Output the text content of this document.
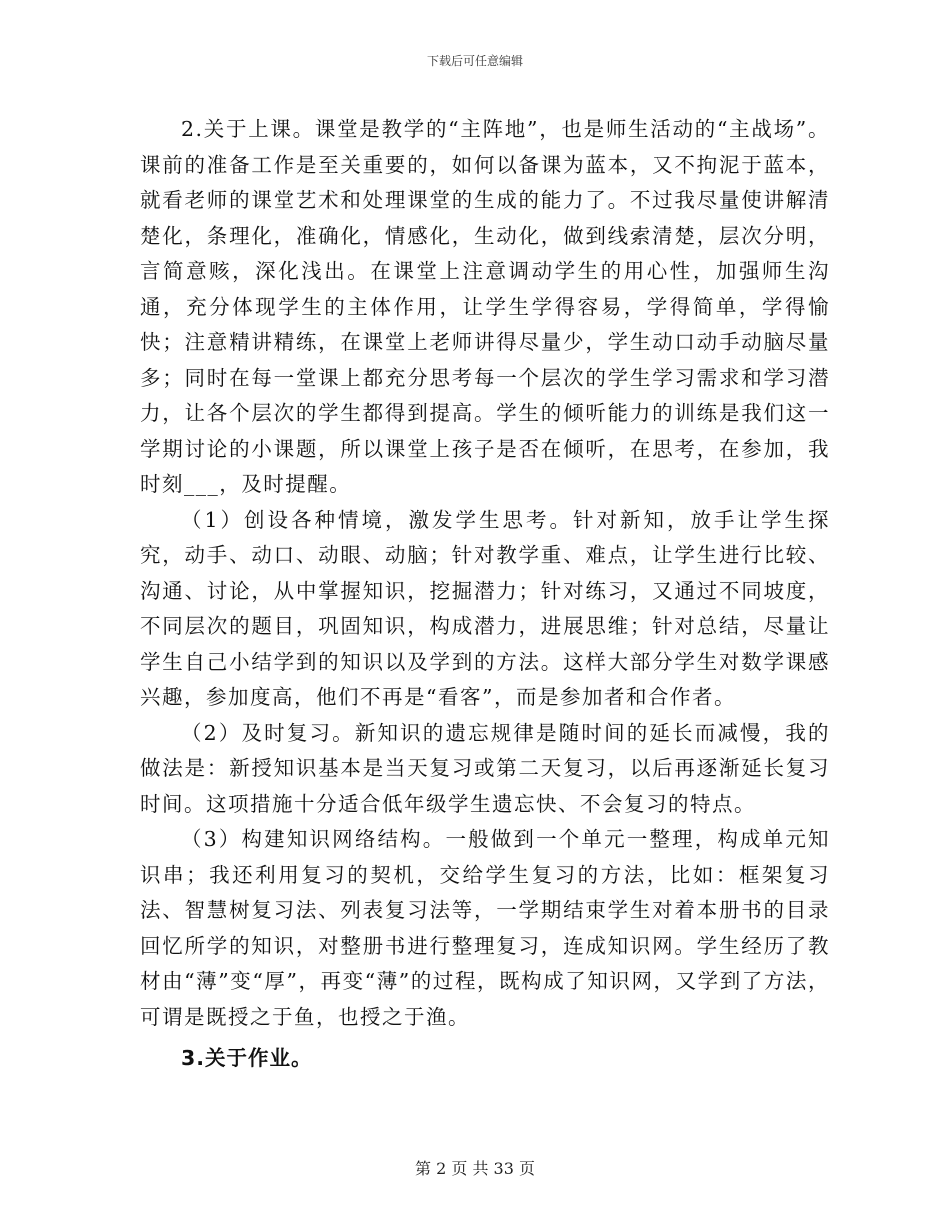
下载后可任意编辑

2.关于上课。课堂是教学的“主阵地”，也是师生活动的“主战场”。课前的准备工作是至关重要的，如何以备课为蓝本，又不拘泥于蓝本，就看老师的课堂艺术和处理课堂的生成的能力了。不过我尽量使讲解清楚化，条理化，准确化，情感化，生动化，做到线索清楚，层次分明，言简意赅，深化浅出。在课堂上注意调动学生的用心性，加强师生沟通，充分体现学生的主体作用，让学生学得容易，学得简单，学得愉快；注意精讲精练，在课堂上老师讲得尽量少，学生动口动手动脑尽量多；同时在每一堂课上都充分思考每一个层次的学生学习需求和学习潜力，让各个层次的学生都得到提高。学生的倾听能力的训练是我们这一学期讨论的小课题，所以课堂上孩子是否在倾听，在思考，在参加，我时刻___，及时提醒。

（1）创设各种情境，激发学生思考。针对新知，放手让学生探究，动手、动口、动眼、动脑；针对教学重、难点，让学生进行比较、沟通、讨论，从中掌握知识，挖掘潜力；针对练习，又通过不同坡度，不同层次的题目，巩固知识，构成潜力，进展思维；针对总结，尽量让学生自己小结学到的知识以及学到的方法。这样大部分学生对数学课感兴趣，参加度高，他们不再是“看客”，而是参加者和合作者。

（2）及时复习。新知识的遗忘规律是随时间的延长而减慢，我的做法是：新授知识基本是当天复习或第二天复习，以后再逐渐延长复习时间。这项措施十分适合低年级学生遗忘快、不会复习的特点。

（3）构建知识网络结构。一般做到一个单元一整理，构成单元知识串；我还利用复习的契机，交给学生复习的方法，比如：框架复习法、智慧树复习法、列表复习法等，一学期结束学生对着本册书的目录回忆所学的知识，对整册书进行整理复习，连成知识网。学生经历了教材由“薄”变“厚”，再变“薄”的过程，既构成了知识网，又学到了方法，可谓是既授之于鱼，也授之于渔。

3.关于作业。

第 2 页 共 33 页
